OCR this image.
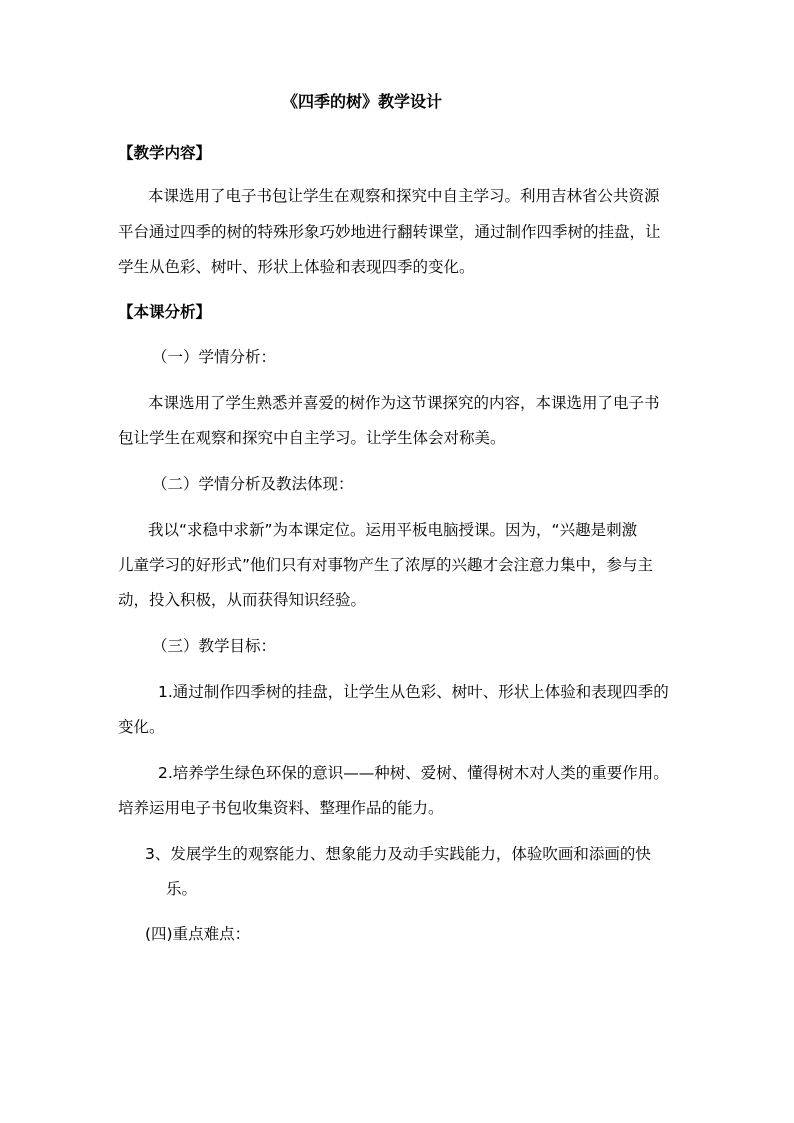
《四季的树》教学设计
【教学内容】
本课选用了电子书包让学生在观察和探究中自主学习。利用吉林省公共资源
平台通过四季的树的特殊形象巧妙地进行翻转课堂，通过制作四季树的挂盘，让
学生从色彩、树叶、形状上体验和表现四季的变化。
【本课分析】
（一）学情分析：
本课选用了学生熟悉并喜爱的树作为这节课探究的内容，本课选用了电子书
包让学生在观察和探究中自主学习。让学生体会对称美。
（二）学情分析及教法体现：
我以“求稳中求新”为本课定位。运用平板电脑授课。因为，“兴趣是刺激
儿童学习的好形式”他们只有对事物产生了浓厚的兴趣才会注意力集中，参与主
动，投入积极，从而获得知识经验。
（三）教学目标：
1.通过制作四季树的挂盘，让学生从色彩、树叶、形状上体验和表现四季的
变化。
2.培养学生绿色环保的意识——种树、爱树、懂得树木对人类的重要作用。
培养运用电子书包收集资料、整理作品的能力。
3、发展学生的观察能力、想象能力及动手实践能力，体验吹画和添画的快
乐。
(四)重点难点：
